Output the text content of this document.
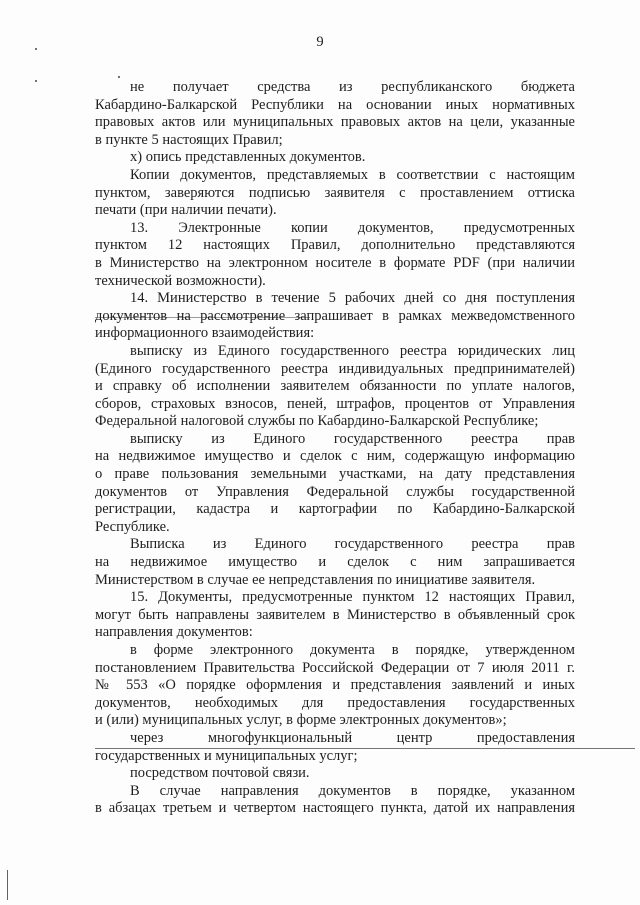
9
не получает средства из республиканского бюджета
Кабардино-Балкарской Республики на основании иных нормативных
правовых актов или муниципальных правовых актов на цели, указанные
в пункте 5 настоящих Правил;
х) опись представленных документов.
Копии документов, представляемых в соответствии с настоящим
пунктом, заверяются подписью заявителя с проставлением оттиска
печати (при наличии печати).
13. Электронные копии документов, предусмотренных
пунктом 12 настоящих Правил, дополнительно представляются
в Министерство на электронном носителе в формате PDF (при наличии
технической возможности).
14. Министерство в течение 5 рабочих дней со дня поступления
документов на рассмотрение запрашивает в рамках межведомственного
информационного взаимодействия:
выписку из Единого государственного реестра юридических лиц
(Единого государственного реестра индивидуальных предпринимателей)
и справку об исполнении заявителем обязанности по уплате налогов,
сборов, страховых взносов, пеней, штрафов, процентов от Управления
Федеральной налоговой службы по Кабардино-Балкарской Республике;
выписку из Единого государственного реестра прав
на недвижимое имущество и сделок с ним, содержащую информацию
о праве пользования земельными участками, на дату представления
документов от Управления Федеральной службы государственной
регистрации, кадастра и картографии по Кабардино-Балкарской
Республике.
Выписка из Единого государственного реестра прав
на недвижимое имущество и сделок с ним запрашивается
Министерством в случае ее непредставления по инициативе заявителя.
15. Документы, предусмотренные пунктом 12 настоящих Правил,
могут быть направлены заявителем в Министерство в объявленный срок
направления документов:
в форме электронного документа в порядке, утвержденном
постановлением Правительства Российской Федерации от 7 июля 2011 г.
№ 553 «О порядке оформления и представления заявлений и иных
документов, необходимых для предоставления государственных
и (или) муниципальных услуг, в форме электронных документов»;
через многофункциональный центр предоставления
государственных и муниципальных услуг;
посредством почтовой связи.
В случае направления документов в порядке, указанном
в абзацах третьем и четвертом настоящего пункта, датой их направления
